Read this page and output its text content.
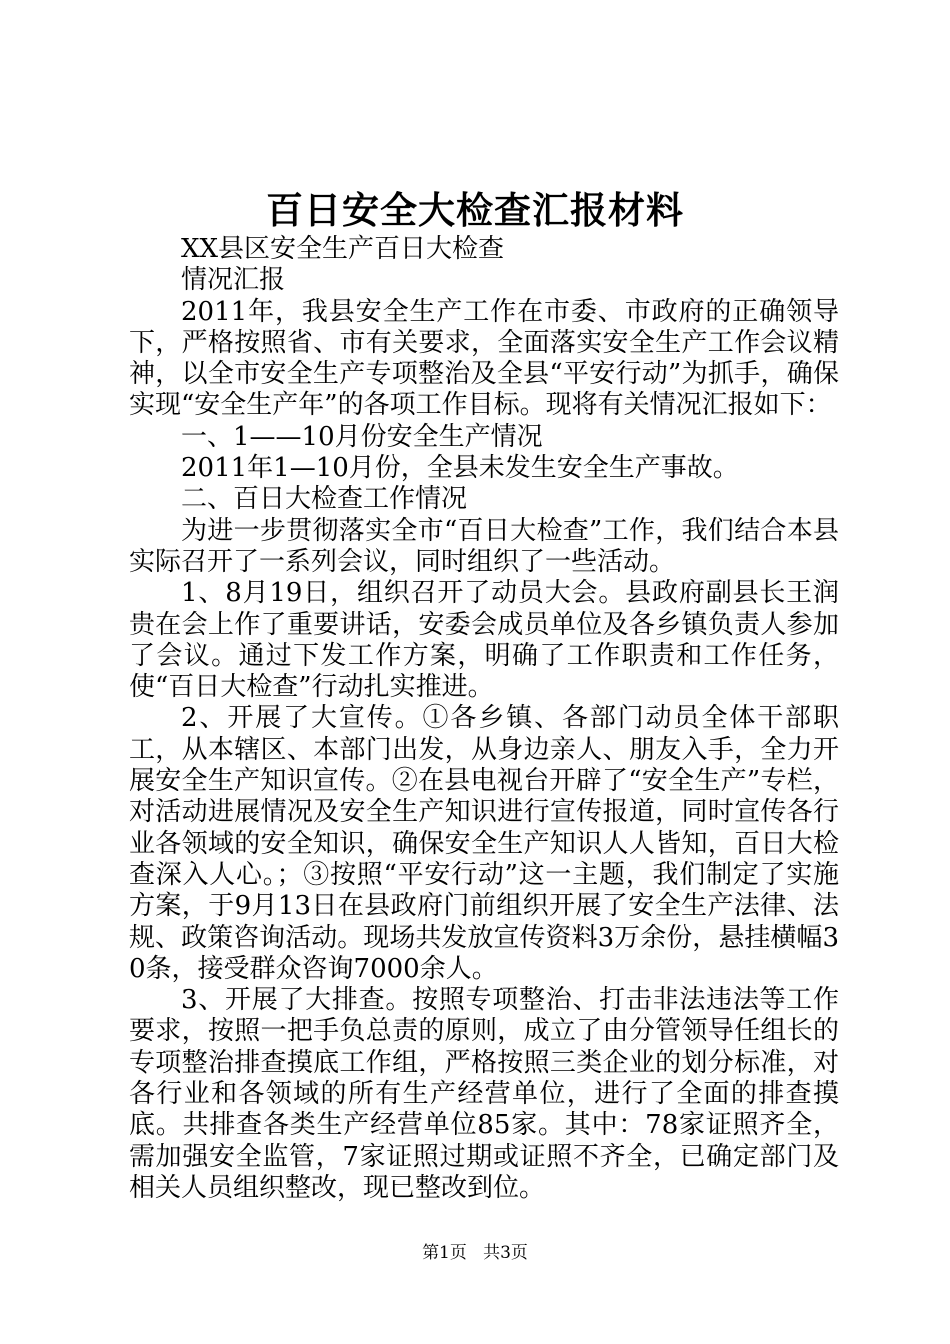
百日安全大检查汇报材料

XX县区安全生产百日大检查

情况汇报

2011年，我县安全生产工作在市委、市政府的正确领导下，严格按照省、市有关要求，全面落实安全生产工作会议精神，以全市安全生产专项整治及全县“平安行动”为抓手，确保实现“安全生产年”的各项工作目标。现将有关情况汇报如下：

一、1——10月份安全生产情况

2011年1—10月份，全县未发生安全生产事故。

二、百日大检查工作情况

为进一步贯彻落实全市“百日大检查”工作，我们结合本县实际召开了一系列会议，同时组织了一些活动。

1、8月19日，组织召开了动员大会。县政府副县长王润贵在会上作了重要讲话，安委会成员单位及各乡镇负责人参加了会议。通过下发工作方案，明确了工作职责和工作任务，使“百日大检查”行动扎实推进。

2、开展了大宣传。①各乡镇、各部门动员全体干部职工，从本辖区、本部门出发，从身边亲人、朋友入手，全力开展安全生产知识宣传。②在县电视台开辟了“安全生产”专栏，对活动进展情况及安全生产知识进行宣传报道，同时宣传各行业各领域的安全知识，确保安全生产知识人人皆知，百日大检查深入人心。；③按照“平安行动”这一主题，我们制定了实施方案，于9月13日在县政府门前组织开展了安全生产法律、法规、政策咨询活动。现场共发放宣传资料3万余份，悬挂横幅30条，接受群众咨询7000余人。

3、开展了大排查。按照专项整治、打击非法违法等工作要求，按照一把手负总责的原则，成立了由分管领导任组长的专项整治排查摸底工作组，严格按照三类企业的划分标准，对各行业和各领域的所有生产经营单位，进行了全面的排查摸底。共排查各类生产经营单位85家。其中：78家证照齐全，需加强安全监管，7家证照过期或证照不齐全，已确定部门及相关人员组织整改，现已整改到位。

第1页 共3页
